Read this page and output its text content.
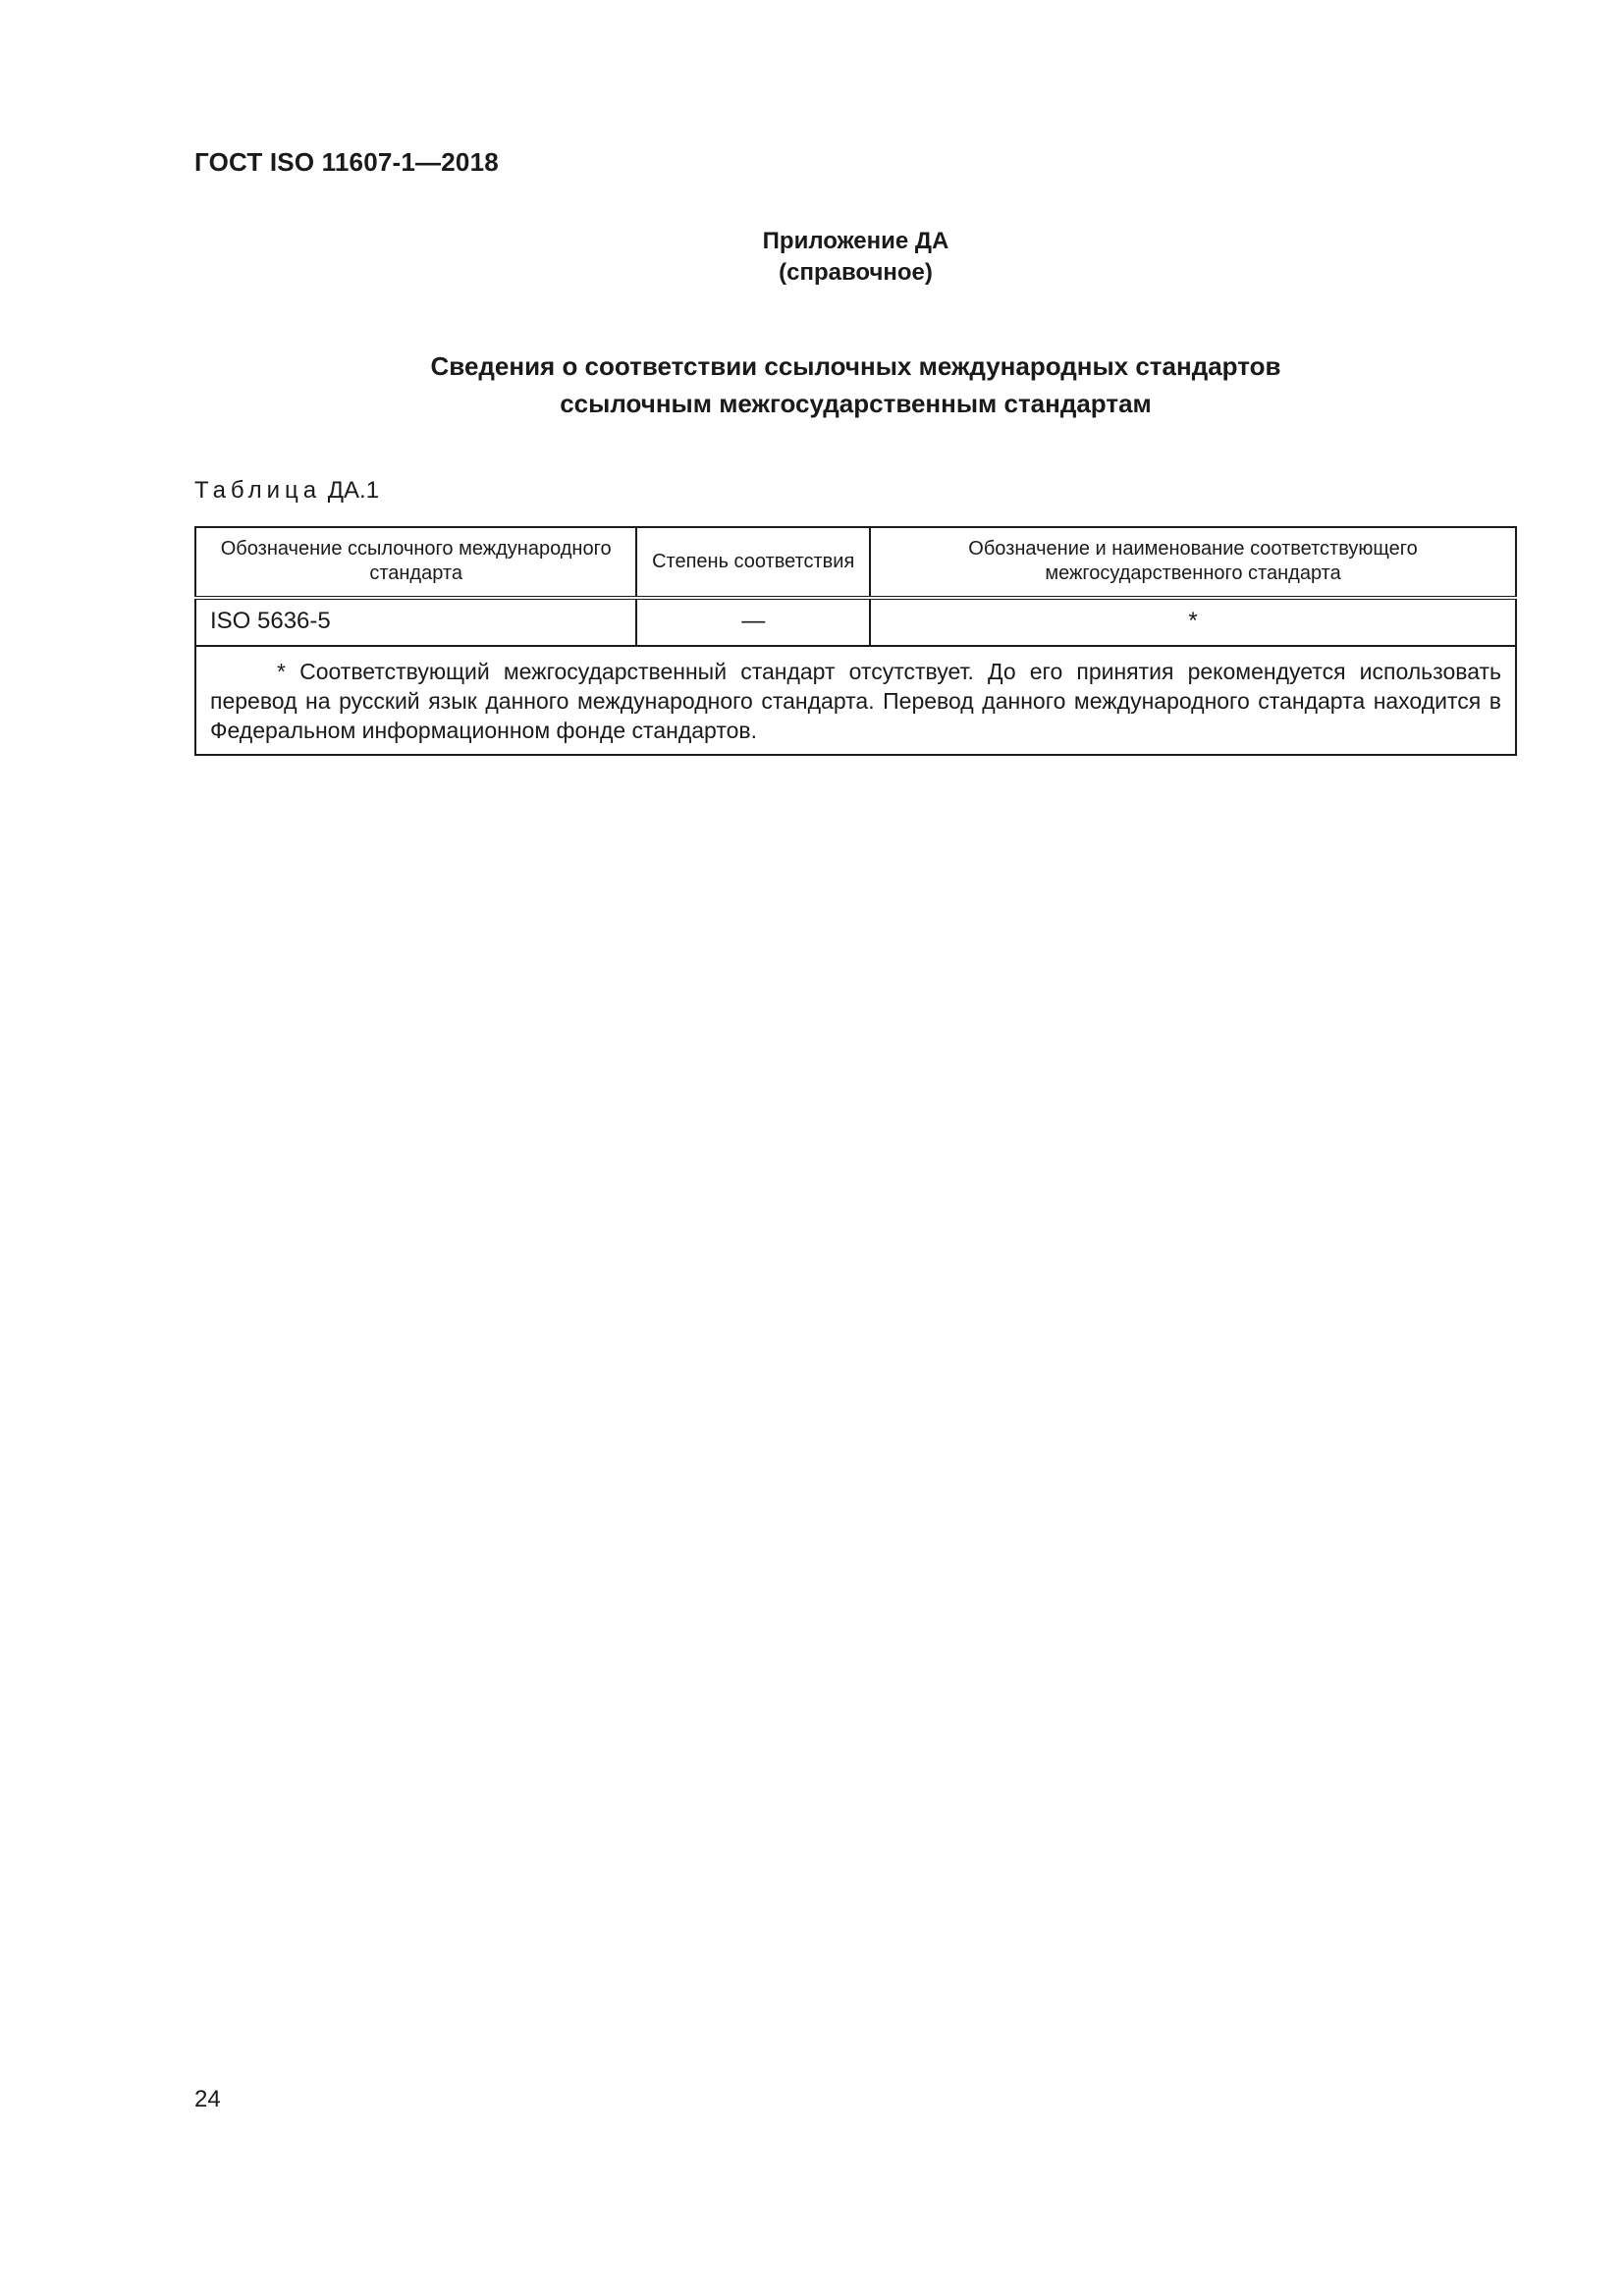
ГОСТ ISO 11607-1—2018
Приложение ДА
(справочное)
Сведения о соответствии ссылочных международных стандартов
ссылочным межгосударственным стандартам
Таблица ДА.1
Обозначение ссылочного международного стандарта	Степень соответствия	Обозначение и наименование соответствующего межгосударственного стандарта
ISO 5636-5	—	*
* Соответствующий межгосударственный стандарт отсутствует. До его принятия рекомендуется использовать перевод на русский язык данного международного стандарта. Перевод данного международного стандарта находится в Федеральном информационном фонде стандартов.		
24
